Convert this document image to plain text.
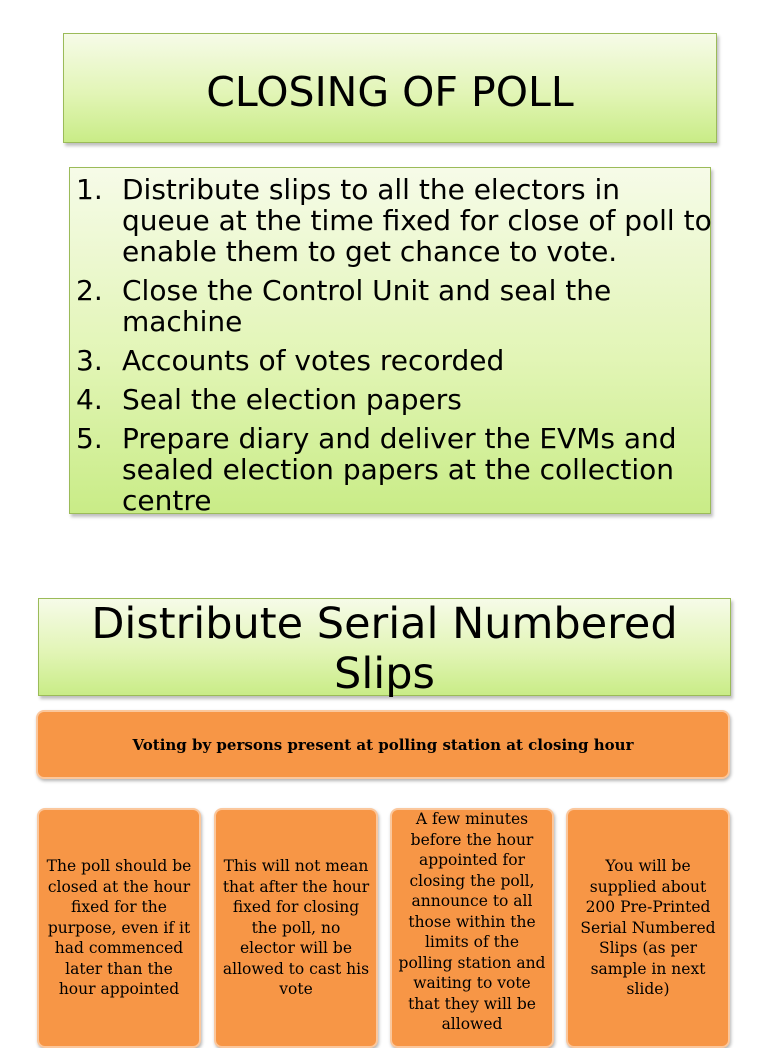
CLOSING OF POLL
1. Distribute slips to all the electors in queue at the time fixed for close of poll to enable them to get chance to vote.
2. Close the Control Unit and seal the machine
3. Accounts of votes recorded
4. Seal the election papers
5. Prepare diary and deliver the EVMs and sealed election papers at the collection centre
Distribute Serial Numbered Slips

Voting by persons present at polling station at closing hour

The poll should be closed at the hour fixed for the purpose, even if it had commenced later than the hour appointed

This will not mean that after the hour fixed for closing the poll, no elector will be allowed to cast his vote

A few minutes before the hour appointed for closing the poll, announce to all those within the limits of the polling station and waiting to vote that they will be allowed

You will be supplied about 200 Pre-Printed Serial Numbered Slips (as per sample in next slide)
